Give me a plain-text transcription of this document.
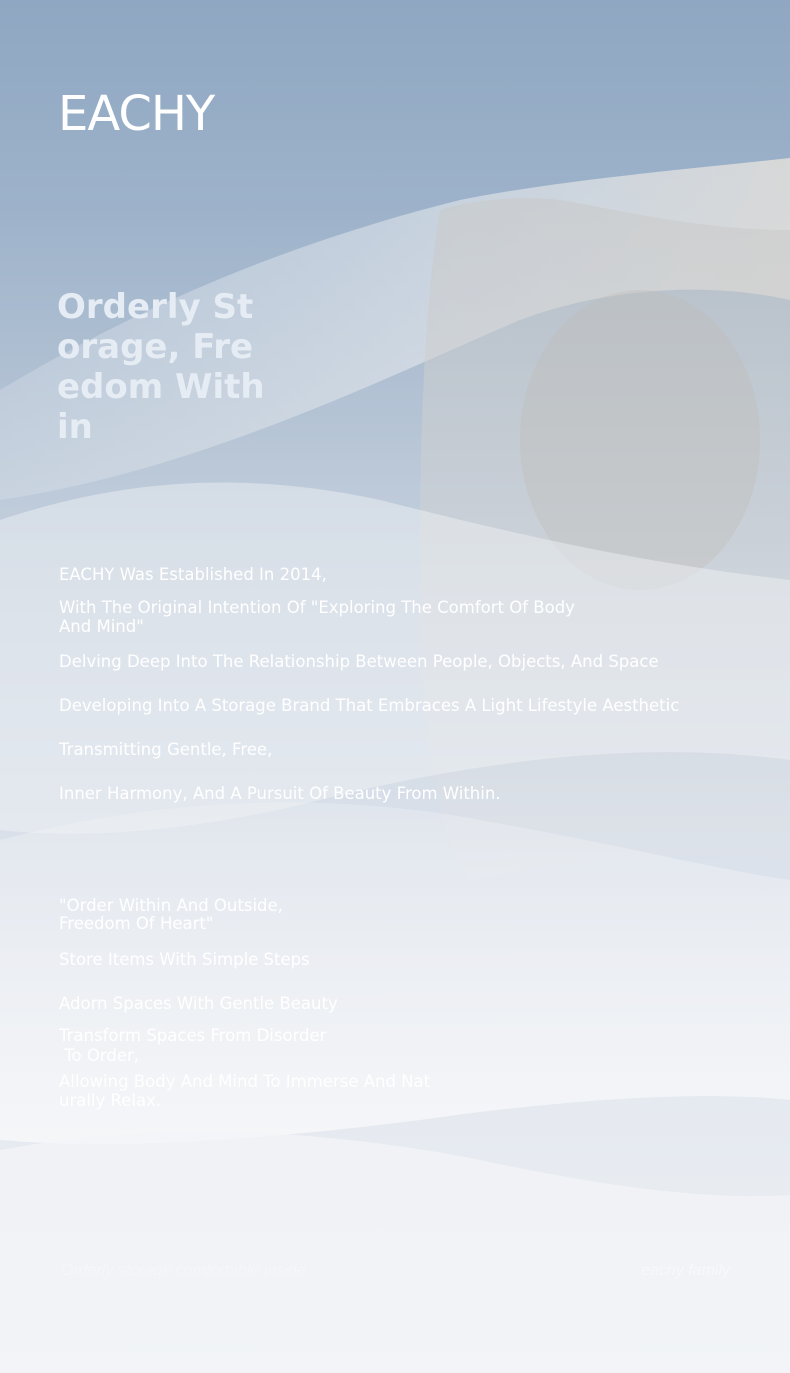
EACHY
Orderly Storage, Freedom Within

EACHY Was Established In 2014,

With The Original Intention Of "Exploring The Comfort Of Body And Mind"

Delving Deep Into The Relationship Between People, Objects, And Space

Developing Into A Storage Brand That Embraces A Light Lifestyle Aesthetic

Transmitting Gentle, Free,

Inner Harmony, And A Pursuit Of Beauty From Within.

"Order Within And Outside,

Freedom Of Heart"

Store Items With Simple Steps

Adorn Spaces With Gentle Beauty

Transform Spaces From Disorder

To Order,

Allowing Body And Mind To Immerse And Naturally Relax.

Orderly storage comfortable inside.	eachy family
